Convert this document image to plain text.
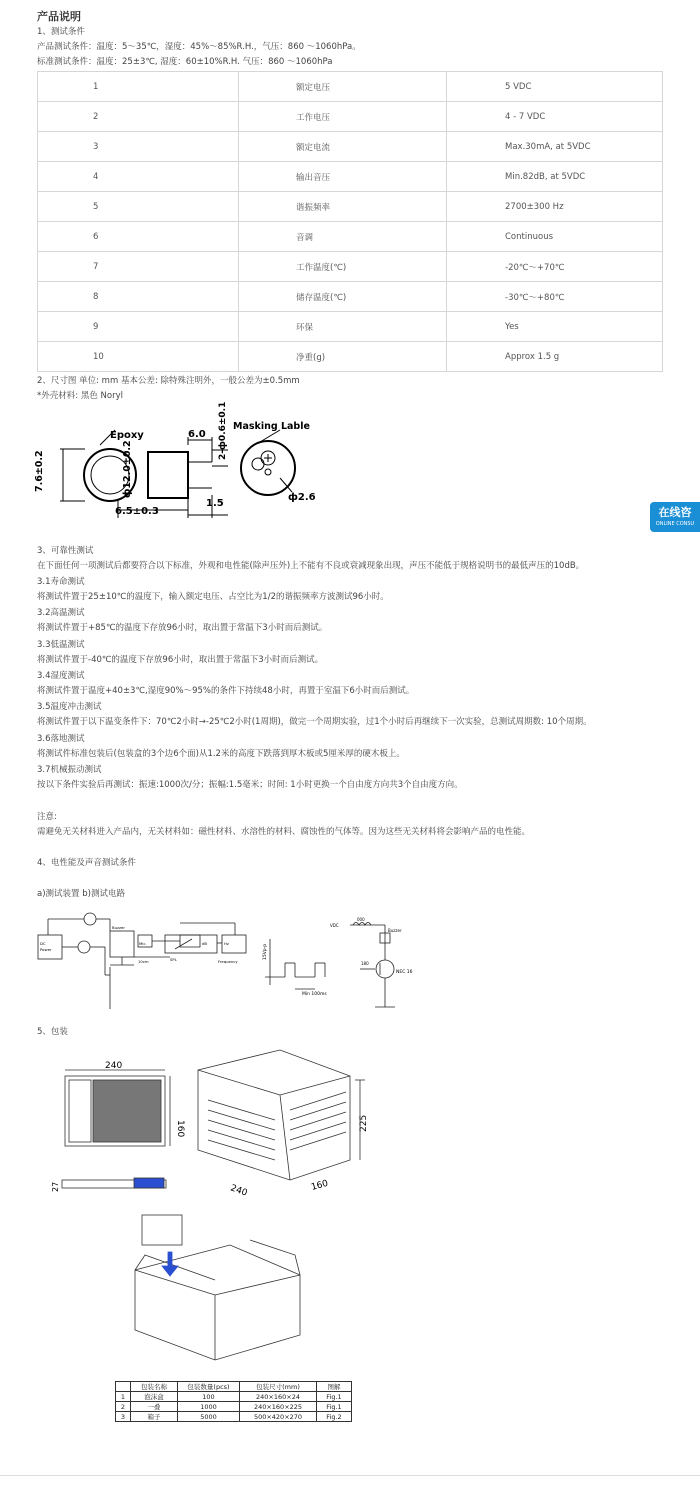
产品说明
1、测试条件
产品测试条件：温度：5～35℃，湿度：45%～85%R.H.，气压：860 ～1060hPa。
标准测试条件：温度：25±3℃, 湿度：60±10%R.H. 气压：860 ～1060hPa
1	额定电压	5 VDC
2	工作电压	4 - 7 VDC
3	额定电流	Max.30mA, at 5VDC
4	输出音压	Min.82dB, at 5VDC
5	谐振频率	2700±300 Hz
6	音调	Continuous
7	工作温度(℃)	-20℃～+70℃
8	储存温度(℃)	-30℃～+80℃
9	环保	Yes
10	净重(g)	Approx 1.5 g
2、尺寸图 单位: mm 基本公差: 除特殊注明外，一般公差为±0.5mm
*外壳材料: 黑色 Noryl
Epoxy	6.0 2-ф0.6±0.1 Masking Lable
7.6±0.2	ф12.0±0.2
1.5
6.5±0.3
ф2.6
在线咨
ONLINE CONSU
3、可靠性测试
在下面任何一项测试后都要符合以下标准，外观和电性能(除声压外)上不能有不良或衰减现象出现，声压不能低于规格说明书的最低声压的10dB。
3.1寿命测试
将测试件置于25±10℃的温度下，输入额定电压、占空比为1/2的谐振频率方波测试96小时。
3.2高温测试
将测试件置于+85℃的温度下存放96小时，取出置于常温下3小时而后测试。
3.3低温测试
将测试件置于-40℃的温度下存放96小时，取出置于常温下3小时而后测试。
3.4湿度测试
将测试件置于温度+40±3℃,湿度90%～95%的条件下持续48小时，再置于室温下6小时而后测试。
3.5温度冲击测试
将测试件置于以下温变条件下：70℃2小时→-25℃2小时(1周期)，做完一个周期实验，过1个小时后再继续下一次实验，总测试周期数: 10个周期。
3.6落地测试
将测试件标准包装后(包装盒的3个边6个面)从1.2米的高度下跌落到厚木板或5厘米厚的硬木板上。
3.7机械振动测试
按以下条件实验后再测试：振速:1000次/分；振幅:1.5毫米；时间: 1小时更换一个自由度方向共3个自由度方向。
注意:
需避免无关材料进入产品内，无关材料如：磁性材料、水溶性的材料、腐蚀性的气体等。因为这些无关材料将会影响产品的电性能。
4、电性能及声音测试条件
a)测试装置 b)测试电路
DC
Power
Buzzer
Mic.
SPL
dB	Hz
Frequency
10cm
15Vp-p
Min 100ms
VDC
000
Buzzer
180
NEC 16
5、包装
240
160
27	240	160
225
	包装名称	包装数量(pcs)	包装尺寸(mm)	图解
1	泡沫盒	100	240×160×24	Fig.1
2	一叠	1000	240×160×225	Fig.1
3	箱子	5000	500×420×270	Fig.2
